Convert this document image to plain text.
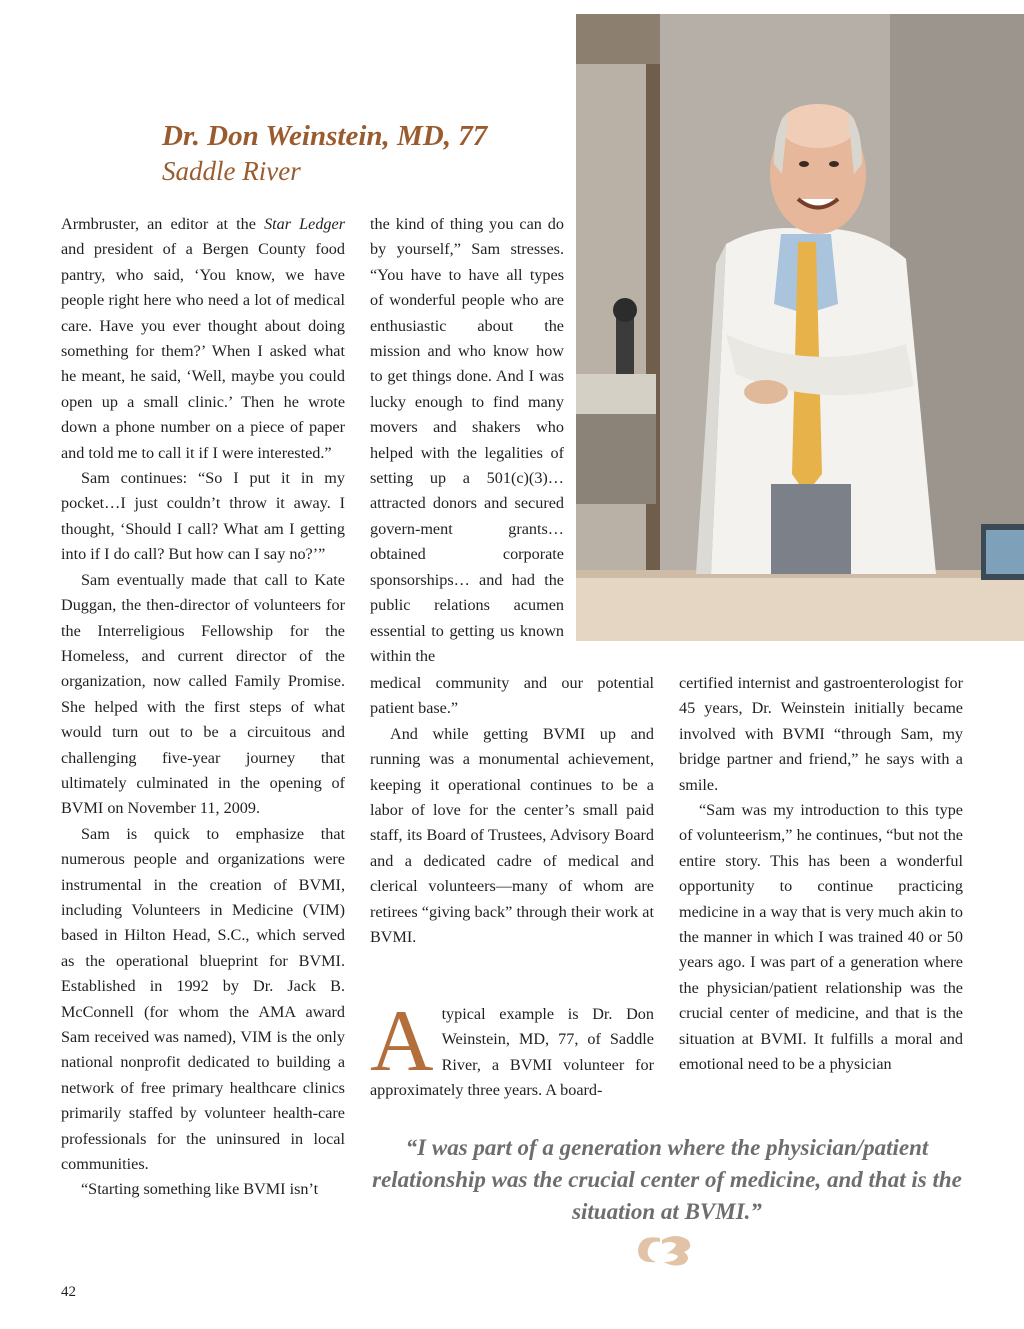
Dr. Don Weinstein, MD, 77
Saddle River

Armbruster, an editor at the Star Ledger and president of a Bergen County food pantry, who said, ‘You know, we have people right here who need a lot of medical care. Have you ever thought about doing something for them?’ When I asked what he meant, he said, ‘Well, maybe you could open up a small clinic.’ Then he wrote down a phone number on a piece of paper and told me to call it if I were interested.”

Sam continues: “So I put it in my pocket…I just couldn’t throw it away. I thought, ‘Should I call? What am I getting into if I do call? But how can I say no?’”

Sam eventually made that call to Kate Duggan, the then-director of volunteers for the Interreligious Fellowship for the Homeless, and current director of the organization, now called Family Promise. She helped with the first steps of what would turn out to be a circuitous and challenging five-year journey that ultimately culminated in the opening of BVMI on November 11, 2009.

Sam is quick to emphasize that numerous people and organizations were instrumental in the creation of BVMI, including Volunteers in Medicine (VIM) based in Hilton Head, S.C., which served as the operational blueprint for BVMI. Established in 1992 by Dr. Jack B. McConnell (for whom the AMA award Sam received was named), VIM is the only national nonprofit dedicated to building a network of free primary healthcare clinics primarily staffed by volunteer health-care professionals for the uninsured in local communities.

“Starting something like BVMI isn’t

the kind of thing you can do by yourself,” Sam stresses. “You have to have all types of wonderful people who are enthusiastic about the mission and who know how to get things done. And I was lucky enough to find many movers and shakers who helped with the legalities of setting up a 501(c)(3)…attracted donors and secured govern-ment grants…obtained corporate sponsorships… and had the public relations acumen essential to getting us known within the

medical community and our potential patient base.”

And while getting BVMI up and running was a monumental achievement, keeping it operational continues to be a labor of love for the center’s small paid staff, its Board of Trustees, Advisory Board and a dedicated cadre of medical and clerical volunteers—many of whom are retirees “giving back” through their work at BVMI.

Atypical example is Dr. Don Weinstein, MD, 77, of Saddle River, a BVMI volunteer for approximately three years. A board-

certified internist and gastroenterologist for 45 years, Dr. Weinstein initially became involved with BVMI “through Sam, my bridge partner and friend,” he says with a smile.

“Sam was my introduction to this type of volunteerism,” he continues, “but not the entire story. This has been a wonderful opportunity to continue practicing medicine in a way that is very much akin to the manner in which I was trained 40 or 50 years ago. I was part of a generation where the physician/patient relationship was the crucial center of medicine, and that is the situation at BVMI. It fulfills a moral and emotional need to be a physician

“I was part of a generation where the physician/patient relationship was the crucial center of medicine, and that is the situation at BVMI.”
42
